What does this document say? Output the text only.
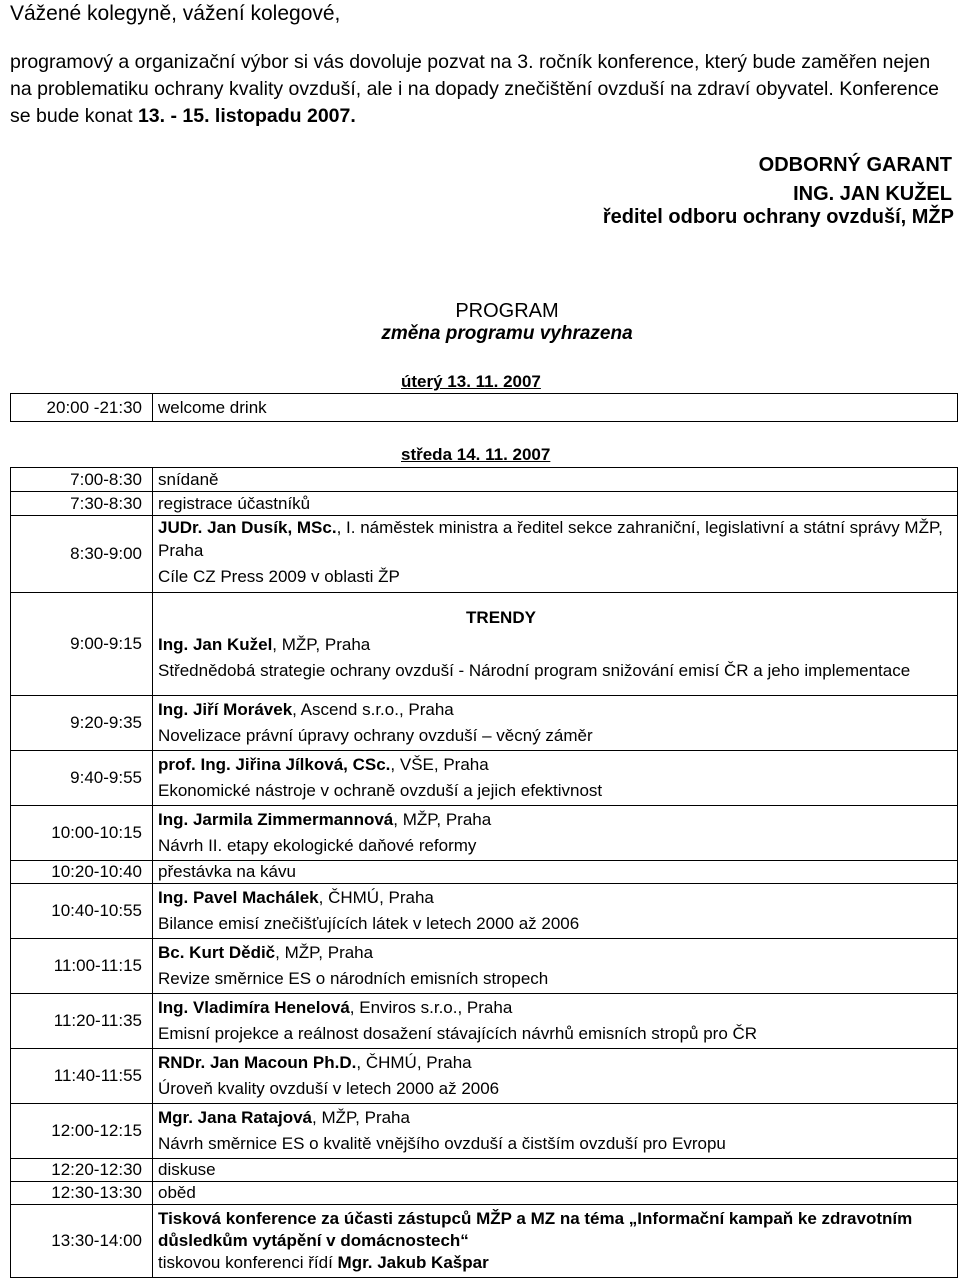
Vážené kolegyně, vážení kolegové,
programový a organizační výbor si vás dovoluje pozvat na 3. ročník konference, který bude zaměřen nejen na problematiku ochrany kvality ovzduší, ale i na dopady znečištění ovzduší na zdraví obyvatel. Konference se bude konat 13. - 15. listopadu 2007.
ODBORNÝ GARANT
ING. JAN KUŽEL
ředitel odboru ochrany ovzduší, MŽP
PROGRAM
změna programu vyhrazena
úterý 13. 11. 2007
20:00 -21:30	welcome drink
středa 14. 11. 2007
7:00-8:30	snídaně
7:30-8:30	registrace účastníků
8:30-9:00	JUDr. Jan Dusík, MSc., I. náměstek ministra a ředitel sekce zahraniční, legislativní a státní správy MŽP, Praha
Cíle CZ Press 2009 v oblasti ŽP

9:00-9:15	TRENDY
Ing. Jan Kužel, MŽP, Praha
Střednědobá strategie ochrany ovzduší - Národní program snižování emisí ČR a jeho implementace
9:20-9:35	Ing. Jiří Morávek, Ascend s.r.o., Praha
Novelizace právní úpravy ochrany ovzduší – věcný záměr

9:40-9:55	prof. Ing. Jiřina Jílková, CSc., VŠE, Praha
Ekonomické nástroje v ochraně ovzduší a jejich efektivnost

10:00-10:15	Ing. Jarmila Zimmermannová, MŽP, Praha
Návrh II. etapy ekologické daňové reformy

10:20-10:40	přestávka na kávu
10:40-10:55	Ing. Pavel Machálek, ČHMÚ, Praha
Bilance emisí znečišťujících látek v letech 2000 až 2006

11:00-11:15	Bc. Kurt Dědič, MŽP, Praha
Revize směrnice ES o národních emisních stropech

11:20-11:35	Ing. Vladimíra Henelová, Enviros s.r.o., Praha
Emisní projekce a reálnost dosažení stávajících návrhů emisních stropů pro ČR

11:40-11:55	RNDr. Jan Macoun Ph.D., ČHMÚ, Praha
Úroveň kvality ovzduší v letech 2000 až 2006

12:00-12:15	Mgr. Jana Ratajová, MŽP, Praha
Návrh směrnice ES o kvalitě vnějšího ovzduší a čistším ovzduší pro Evropu

12:20-12:30	diskuse
12:30-13:30	oběd
13:30-14:00	Tisková konference za účasti zástupců MŽP a MZ na téma „Informační kampaň ke zdravotním důsledkům vytápění v domácnostech“
tiskovou konferenci řídí Mgr. Jakub Kašpar
